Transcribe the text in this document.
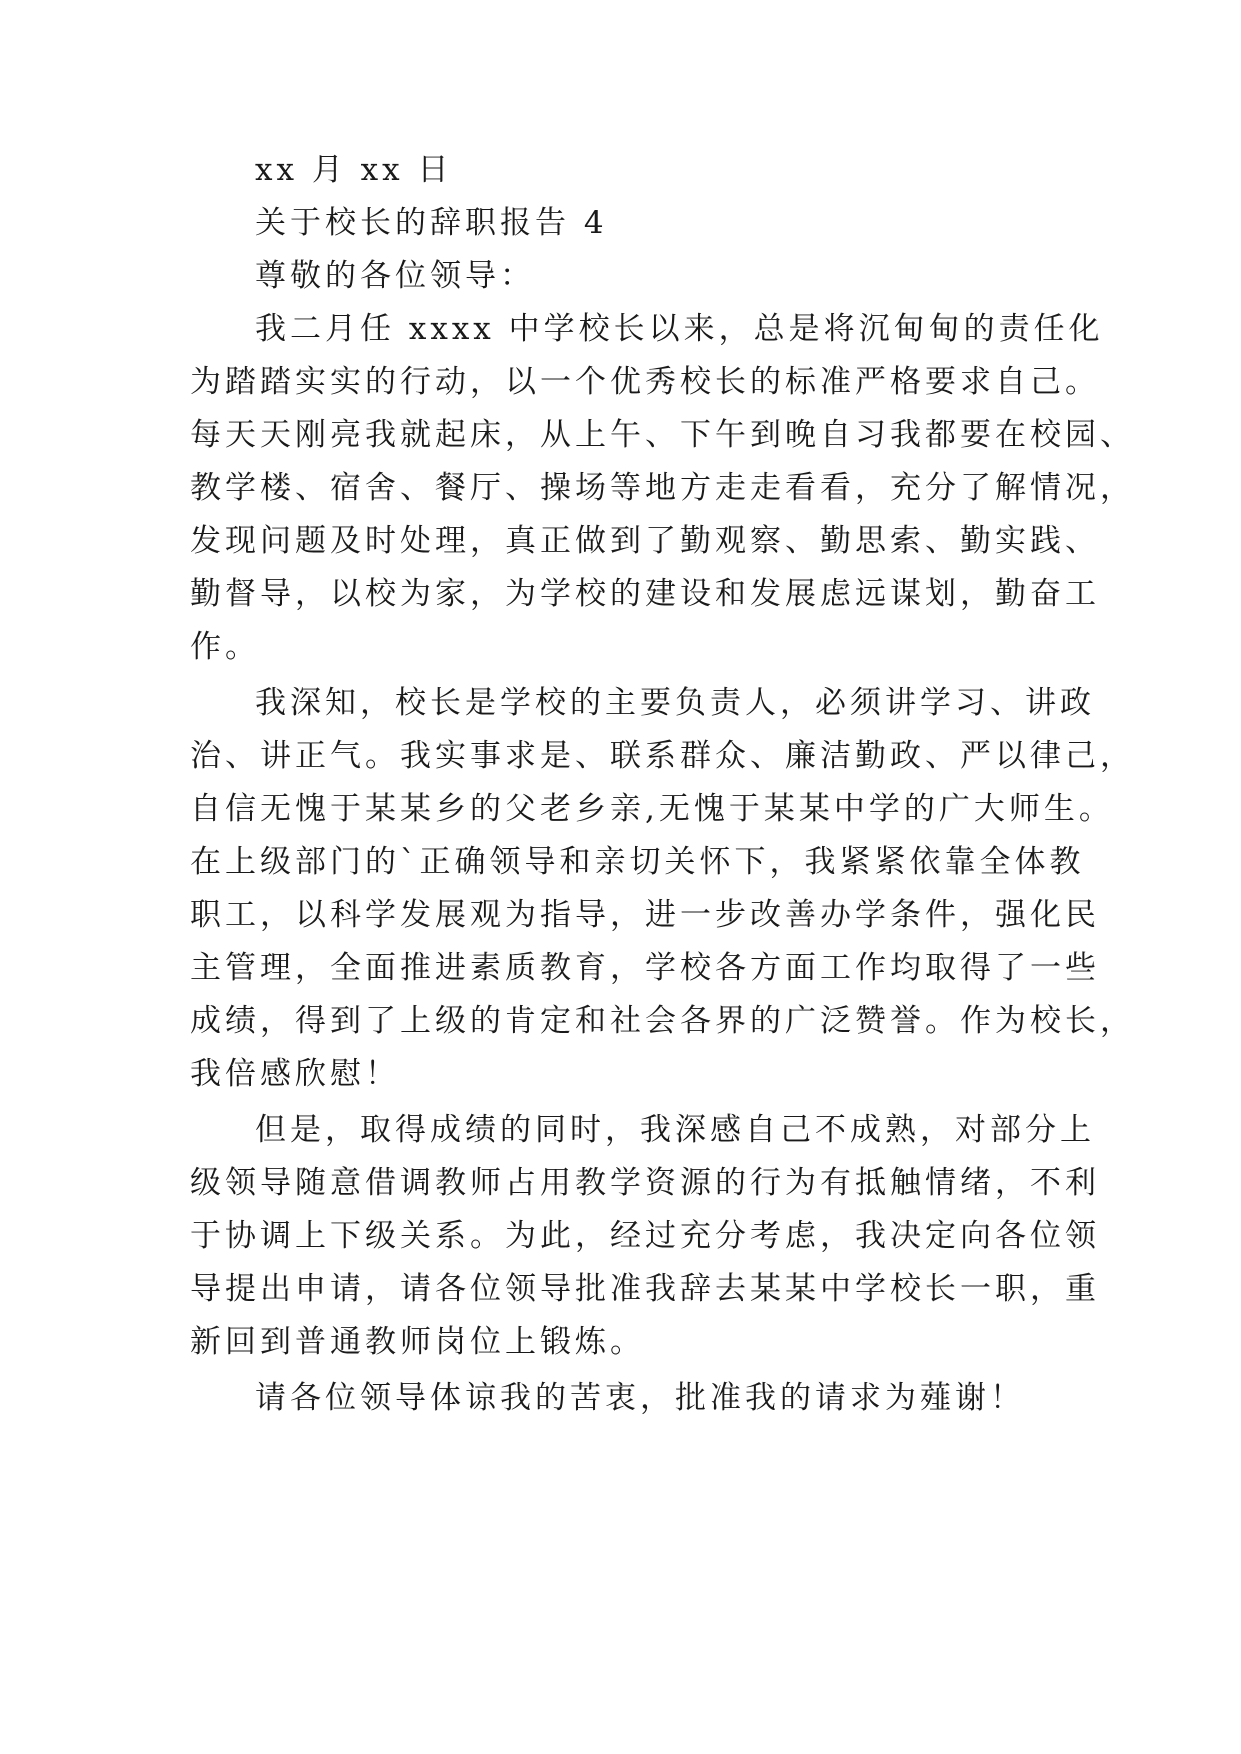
xx 月 xx 日
关于校长的辞职报告 4
尊敬的各位领导：
我二月任 xxxx 中学校长以来，总是将沉甸甸的责任化
为踏踏实实的行动，以一个优秀校长的标准严格要求自己。
每天天刚亮我就起床，从上午、下午到晚自习我都要在校园、
教学楼、宿舍、餐厅、操场等地方走走看看，充分了解情况，
发现问题及时处理，真正做到了勤观察、勤思索、勤实践、
勤督导，以校为家，为学校的建设和发展虑远谋划，勤奋工
作。
我深知，校长是学校的主要负责人，必须讲学习、讲政
治、讲正气。我实事求是、联系群众、廉洁勤政、严以律己，
自信无愧于某某乡的父老乡亲,无愧于某某中学的广大师生。
在上级部门的`正确领导和亲切关怀下，我紧紧依靠全体教
职工，以科学发展观为指导，进一步改善办学条件，强化民
主管理，全面推进素质教育，学校各方面工作均取得了一些
成绩，得到了上级的肯定和社会各界的广泛赞誉。作为校长，
我倍感欣慰！
但是，取得成绩的同时，我深感自己不成熟，对部分上
级领导随意借调教师占用教学资源的行为有抵触情绪，不利
于协调上下级关系。为此，经过充分考虑，我决定向各位领
导提出申请，请各位领导批准我辞去某某中学校长一职，重
新回到普通教师岗位上锻炼。
请各位领导体谅我的苦衷，批准我的请求为薤谢！
